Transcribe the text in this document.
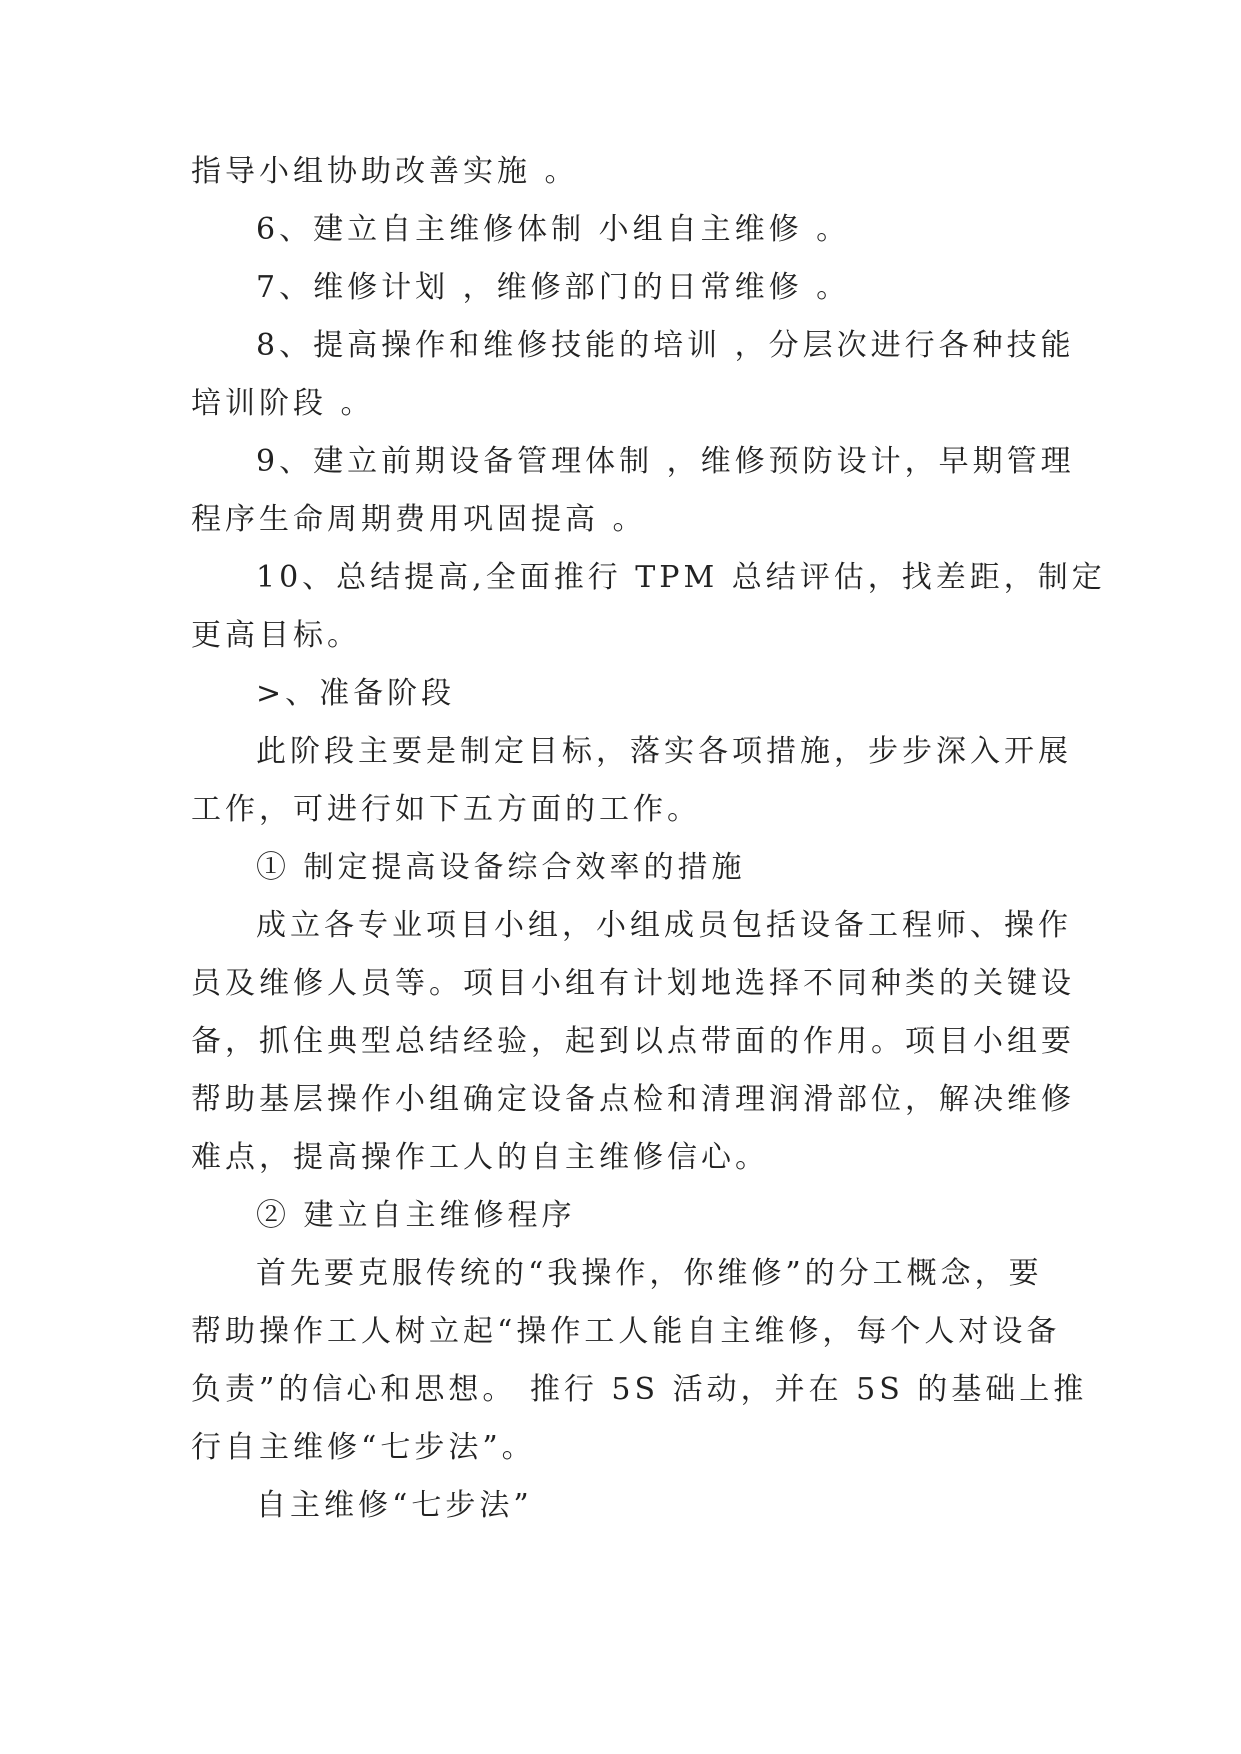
指导小组协助改善实施 。
6、建立自主维修体制 小组自主维修 。
7、维修计划 ，维修部门的日常维修 。
8、提高操作和维修技能的培训 ，分层次进行各种技能
培训阶段 。
9、建立前期设备管理体制 ，维修预防设计，早期管理
程序生命周期费用巩固提高 。
10、总结提高,全面推行 TPM 总结评估，找差距，制定
更高目标。
>、准备阶段
此阶段主要是制定目标，落实各项措施，步步深入开展
工作，可进行如下五方面的工作。
① 制定提高设备综合效率的措施
成立各专业项目小组，小组成员包括设备工程师、操作
员及维修人员等。项目小组有计划地选择不同种类的关键设
备，抓住典型总结经验，起到以点带面的作用。项目小组要
帮助基层操作小组确定设备点检和清理润滑部位，解决维修
难点，提高操作工人的自主维修信心。
② 建立自主维修程序
首先要克服传统的“我操作，你维修”的分工概念，要
帮助操作工人树立起“操作工人能自主维修，每个人对设备
负责”的信心和思想。 推行 5S 活动，并在 5S 的基础上推
行自主维修“七步法”。
自主维修“七步法”
